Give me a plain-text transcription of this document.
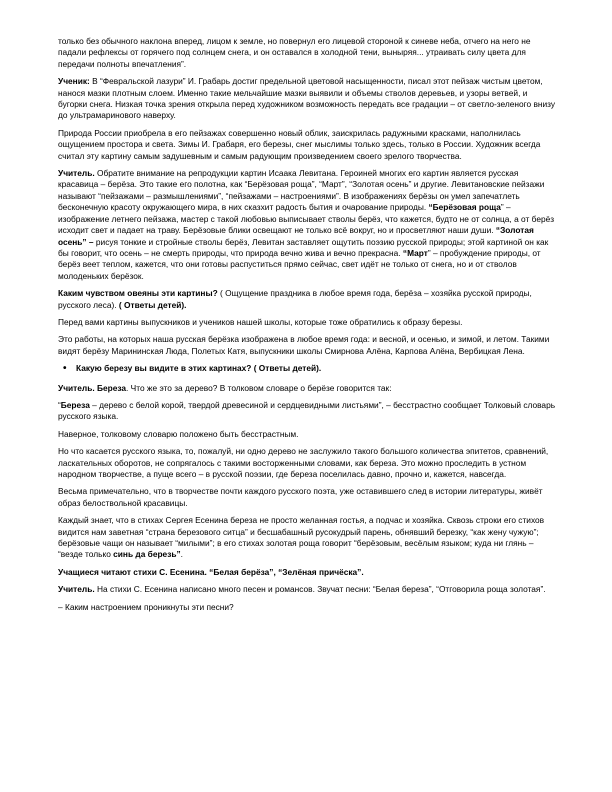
только без обычного наклона вперед, лицом к земле, но повернул его лицевой стороной к синеве неба, отчего на него не падали рефлексы от горячего под солнцем снега, и он оставался в холодной тени, выныряя... утраивать силу цвета для передачи полноты впечатления”.

Ученик: В “Февральской лазури” И. Грабарь достиг предельной цветовой насыщенности, писал этот пейзаж чистым цветом, нанося мазки плотным слоем. Именно такие мельчайшие мазки выявили и объемы стволов деревьев, и узоры ветвей, и бугорки снега. Низкая точка зрения открыла перед художником возможность передать все градации – от светло-зеленого внизу до ультрамаринового наверху.

Природа России приобрела в его пейзажах совершенно новый облик, заискрилась радужными красками, наполнилась ощущением простора и света. Зимы И. Грабаря, его березы, снег мыслимы только здесь, только в России. Художник всегда считал эту картину самым задушевным и самым радующим произведением своего зрелого творчества.

Учитель. Обратите внимание на репродукции картин Исаака Левитана. Героиней многих его картин является русская красавица – берёза. Это такие его полотна, как “Берёзовая роща”, “Март”, “Золотая осень” и другие. Левитановские пейзажи называют “пейзажами – размышлениями”, “пейзажами – настроениями”. В изображениях берёзы он умел запечатлеть бесконечную красоту окружающего мира, в них сказхит радость бытия и очарование природы. “Берёзовая роща” – изображение летнего пейзажа, мастер с такой любовью выписывает стволы берёз, что кажется, будто не от солнца, а от берёз исходит свет и падает на траву. Берёзовые блики освещают не только всё вокруг, но и просветляют наши души. “Золотая осень” – рисуя тонкие и стройные стволы берёз, Левитан заставляет ощутить поэзию русской природы; этой картиной он как бы говорит, что осень – не смерть природы, что природа вечно жива и вечно прекрасна. “Март” – пробуждение природы, от берёз веет теплом, кажется, что они готовы распуститься прямо сейчас, свет идёт не только от снега, но и от стволов молоденьких берёзок.

Каким чувством овеяны эти картины? ( Ощущение праздника в любое время года, берёза – хозяйка русской природы, русского леса). ( Ответы детей).

Перед вами картины выпускников и учеников нашей школы, которые тоже обратились к образу березы.

Это работы, на которых наша русская берёзка изображена в любое время года: и весной, и осенью, и зимой, и летом. Такими видят берёзу Марининская Люда, Полетых Катя, выпускники школы Смирнова Алёна, Карпова Алёна, Вербицкая Лена.

• Какую березу вы видите в этих картинах? ( Ответы детей).

Учитель. Береза. Что же это за дерево? В толковом словаре о берёзе говорится так:

“Береза – дерево с белой корой, твердой древесиной и сердцевидными листьями”, – бесстрастно сообщает Толковый словарь русского языка.

Наверное, толковому словарю положено быть бесстрастным.

Но что касается русского языка, то, пожалуй, ни одно дерево не заслужило такого большого количества эпитетов, сравнений, ласкательных оборотов, не сопрягалось с такими восторженными словами, как береза. Это можно проследить в устном народном творчестве, а пуще всего – в русской поэзии, где береза поселилась давно, прочно и, кажется, навсегда.

Весьма примечательно, что в творчестве почти каждого русского поэта, уже оставившего след в истории литературы, живёт образ белоствольной красавицы.

Каждый знает, что в стихах Сергея Есенина береза не просто желанная гостья, а подчас и хозяйка. Сквозь строки его стихов видится нам заветная “страна березового ситца” и бесшабашный русокудрый парень, обнявший березку, “как жену чужую”; берёзовые чащи он называет “милыми”; в его стихах золотая роща говорит “берёзовым, весёлым языком; куда ни глянь – “везде только синь да березь”.

Учащиеся читают стихи С. Есенина. “Белая берёза”, “Зелёная причёска”.

Учитель. На стихи С. Есенина написано много песен и романсов. Звучат песни: “Белая береза”, “Отговорила роща золотая”.

– Каким настроением проникнуты эти песни?
